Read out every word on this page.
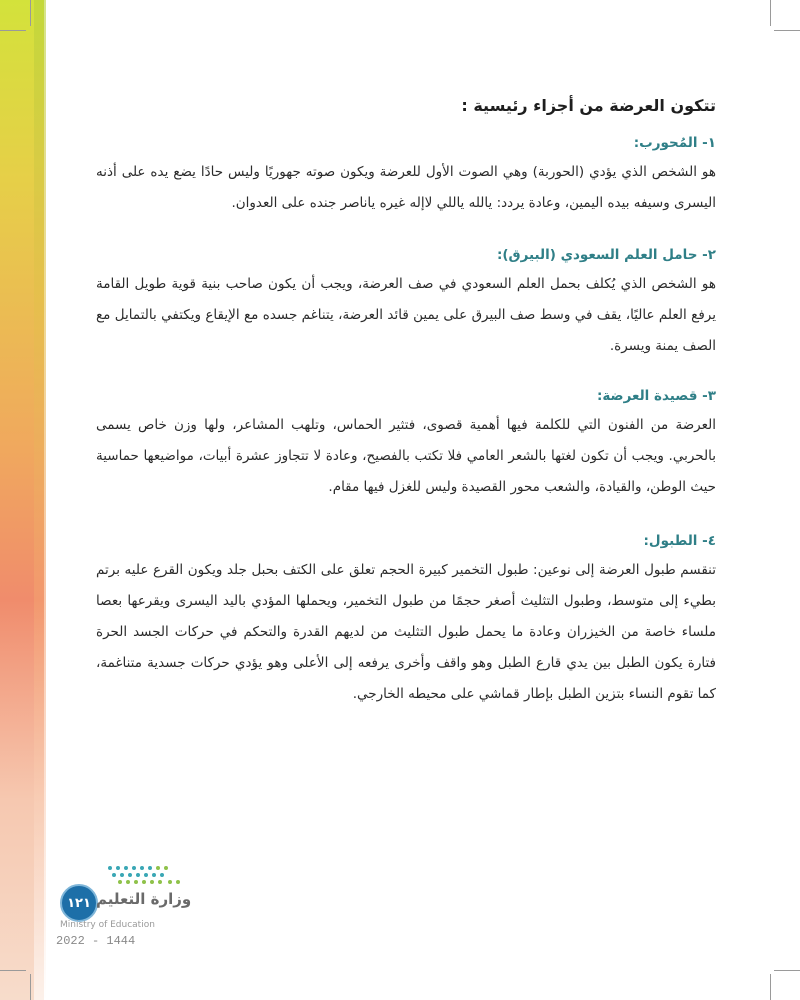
تتكون العرضة من أجزاء رئيسية :
١- المُحورب:

هو الشخص الذي يؤدي (الحوربة) وهي الصوت الأول للعرضة ويكون صوته جهوريًا وليس حادًا يضع يده على أذنه اليسرى وسيفه بيده اليمين، وعادة يردد: يالله ياللي لاإله غيره ياناصر جنده على العدوان.

٢- حامل العلم السعودي (البيرق):

هو الشخص الذي يُكلف بحمل العلم السعودي في صف العرضة، ويجب أن يكون صاحب بنية قوية طويل القامة يرفع العلم عاليًا، يقف في وسط صف البيرق على يمين قائد العرضة، يتناغم جسده مع الإيقاع ويكتفي بالتمايل مع الصف يمنة ويسرة.

٣- قصيدة العرضة:

العرضة من الفنون التي للكلمة فيها أهمية قصوى، فتثير الحماس، وتلهب المشاعر، ولها وزن خاص يسمى بالحربي. ويجب أن تكون لغتها بالشعر العامي فلا تكتب بالفصيح، وعادة لا تتجاوز عشرة أبيات، مواضيعها حماسية حيث الوطن، والقيادة، والشعب محور القصيدة وليس للغزل فيها مقام.

٤- الطبول:

تنقسم طبول العرضة إلى نوعين: طبول التخمير كبيرة الحجم تعلق على الكتف بحبل جلد ويكون القرع عليه برتم بطيء إلى متوسط، وطبول التثليث أصغر حجمًا من طبول التخمير، ويحملها المؤدي باليد اليسرى ويقرعها بعصا ملساء خاصة من الخيزران وعادة ما يحمل طبول التثليث من لديهم القدرة والتحكم في حركات الجسد الحرة فتارة يكون الطبل بين يدي قارع الطبل وهو واقف وأخرى يرفعه إلى الأعلى وهو يؤدي حركات جسدية متناغمة، كما تقوم النساء بتزين الطبل بإطار قماشي على محيطه الخارجي.

١٢١ وزارة التعليم
Ministry of Education
2022 - 1444
